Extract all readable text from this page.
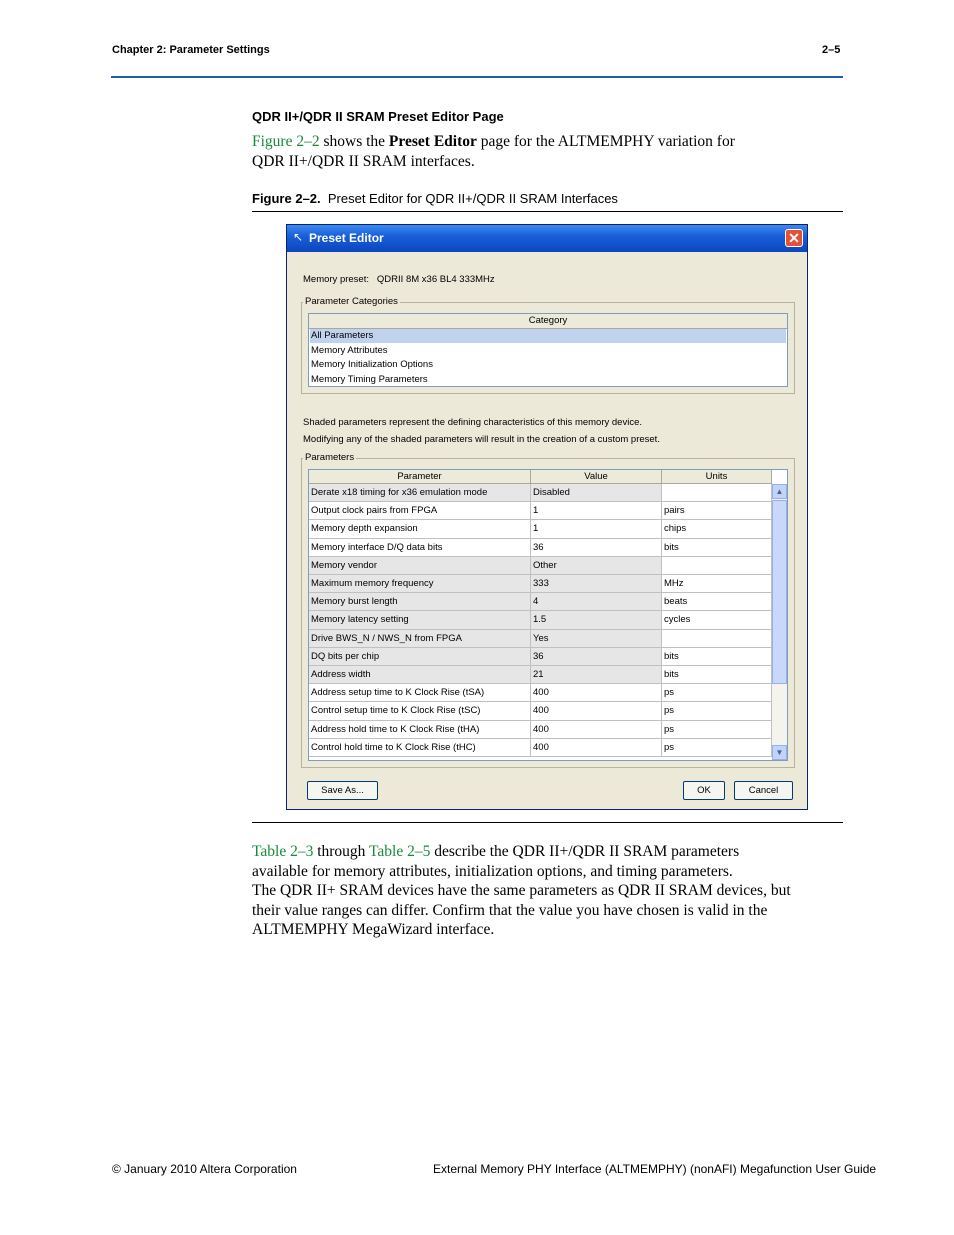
Chapter 2: Parameter Settings	2–5
QDR II+/QDR II SRAM Preset Editor Page
Figure 2–2 shows the Preset Editor page for the ALTMEMPHY variation for
QDR II+/QDR II SRAM interfaces.
Figure 2–2. Preset Editor for QDR II+/QDR II SRAM Interfaces
↖ Preset Editor	✕
Memory preset: QDRII 8M x36 BL4 333MHz
Parameter Categories
Category
All Parameters
Memory Attributes
Memory Initialization Options
Memory Timing Parameters
Shaded parameters represent the defining characteristics of this memory device.
Modifying any of the shaded parameters will result in the creation of a custom preset.
Parameters
Parameter	Value	Units
Derate x18 timing for x36 emulation mode	Disabled
Output clock pairs from FPGA	1	pairs
Memory depth expansion	1	chips
Memory interface D/Q data bits	36	bits
Memory vendor	Other
Maximum memory frequency	333	MHz
Memory burst length	4	beats
Memory latency setting	1.5	cycles
Drive BWS_N / NWS_N from FPGA	Yes
DQ bits per chip	36	bits
Address width	21	bits
Address setup time to K Clock Rise (tSA)	400	ps
Control setup time to K Clock Rise (tSC)	400	ps
Address hold time to K Clock Rise (tHA)	400	ps
Control hold time to K Clock Rise (tHC)	400	ps
▲
▼
Save As...	OK	Cancel
Table 2–3 through Table 2–5 describe the QDR II+/QDR II SRAM parameters
available for memory attributes, initialization options, and timing parameters.
The QDR II+ SRAM devices have the same parameters as QDR II SRAM devices, but
their value ranges can differ. Confirm that the value you have chosen is valid in the
ALTMEMPHY MegaWizard interface.
© January 2010 Altera Corporation	External Memory PHY Interface (ALTMEMPHY) (nonAFI) Megafunction User Guide
